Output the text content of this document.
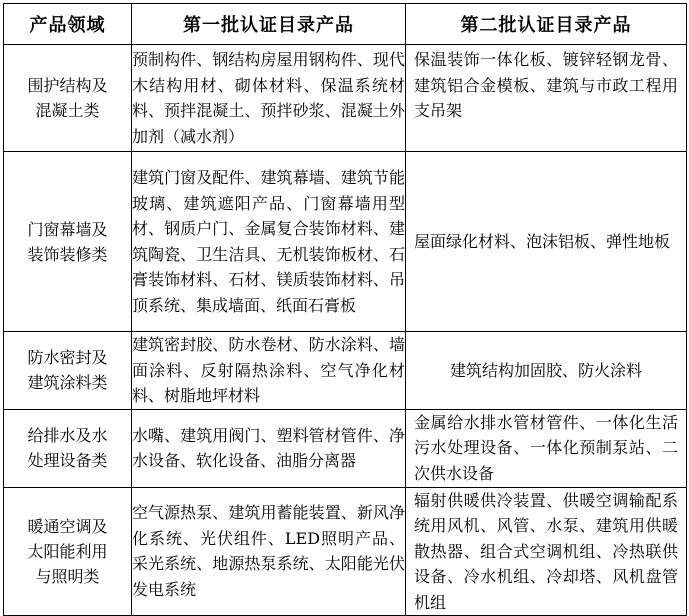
产品领域	第一批认证目录产品	第二批认证目录产品
围护结构及混凝土类	预制构件、钢结构房屋用钢构件、现代木结构用材、砌体材料、保温系统材料、预拌混凝土、预拌砂浆、混凝土外加剂（减水剂）	保温装饰一体化板、镀锌轻钢龙骨、建筑铝合金模板、建筑与市政工程用支吊架
门窗幕墙及装饰装修类	建筑门窗及配件、建筑幕墙、建筑节能玻璃、建筑遮阳产品、门窗幕墙用型材、钢质户门、金属复合装饰材料、建筑陶瓷、卫生洁具、无机装饰板材、石膏装饰材料、石材、镁质装饰材料、吊顶系统、集成墙面、纸面石膏板	屋面绿化材料、泡沫铝板、弹性地板
防水密封及建筑涂料类	建筑密封胶、防水卷材、防水涂料、墙面涂料、反射隔热涂料、空气净化材料、树脂地坪材料	建筑结构加固胶、防火涂料
给排水及水处理设备类	水嘴、建筑用阀门、塑料管材管件、净水设备、软化设备、油脂分离器	金属给水排水管材管件、一体化生活污水处理设备、一体化预制泵站、二次供水设备
暖通空调及太阳能利用与照明类	空气源热泵、建筑用蓄能装置、新风净化系统、光伏组件、LED照明产品、采光系统、地源热泵系统、太阳能光伏发电系统	辐射供暖供冷装置、供暖空调输配系统用风机、风管、水泵、建筑用供暖散热器、组合式空调机组、冷热联供设备、冷水机组、冷却塔、风机盘管机组
